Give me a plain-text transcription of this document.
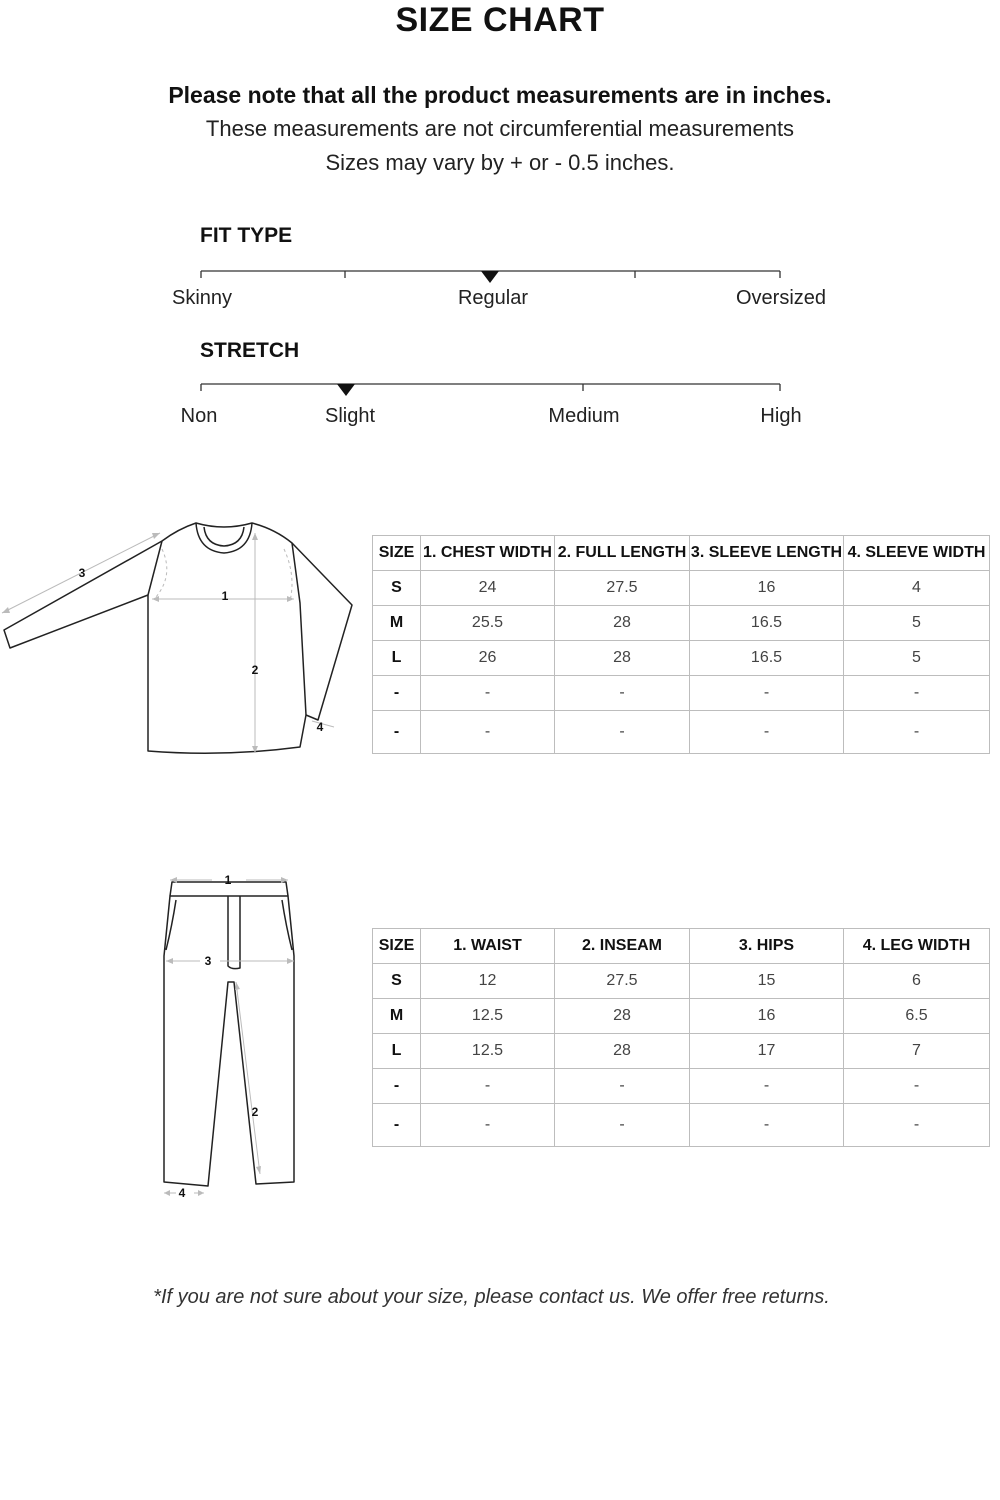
SIZE CHART
Please note that all the product measurements are in inches.
These measurements are not circumferential measurements
Sizes may vary by + or - 0.5 inches.
FIT TYPE
Skinny	Regular	Oversized
STRETCH
Non	Slight	Medium	High
1
2
3
4
SIZE	1. CHEST WIDTH	2. FULL LENGTH	3. SLEEVE LENGTH	4. SLEEVE WIDTH
S	24	27.5	16	4
M	25.5	28	16.5	5
L	26	28	16.5	5
-	-	-	-	-
-	-	-	-	-
1
2
3
4
SIZE	1. WAIST	2. INSEAM	3. HIPS	4. LEG WIDTH
S	12	27.5	15	6
M	12.5	28	16	6.5
L	12.5	28	17	7
-	-	-	-	-
-	-	-	-	-
*If you are not sure about your size, please contact us. We offer free returns.
